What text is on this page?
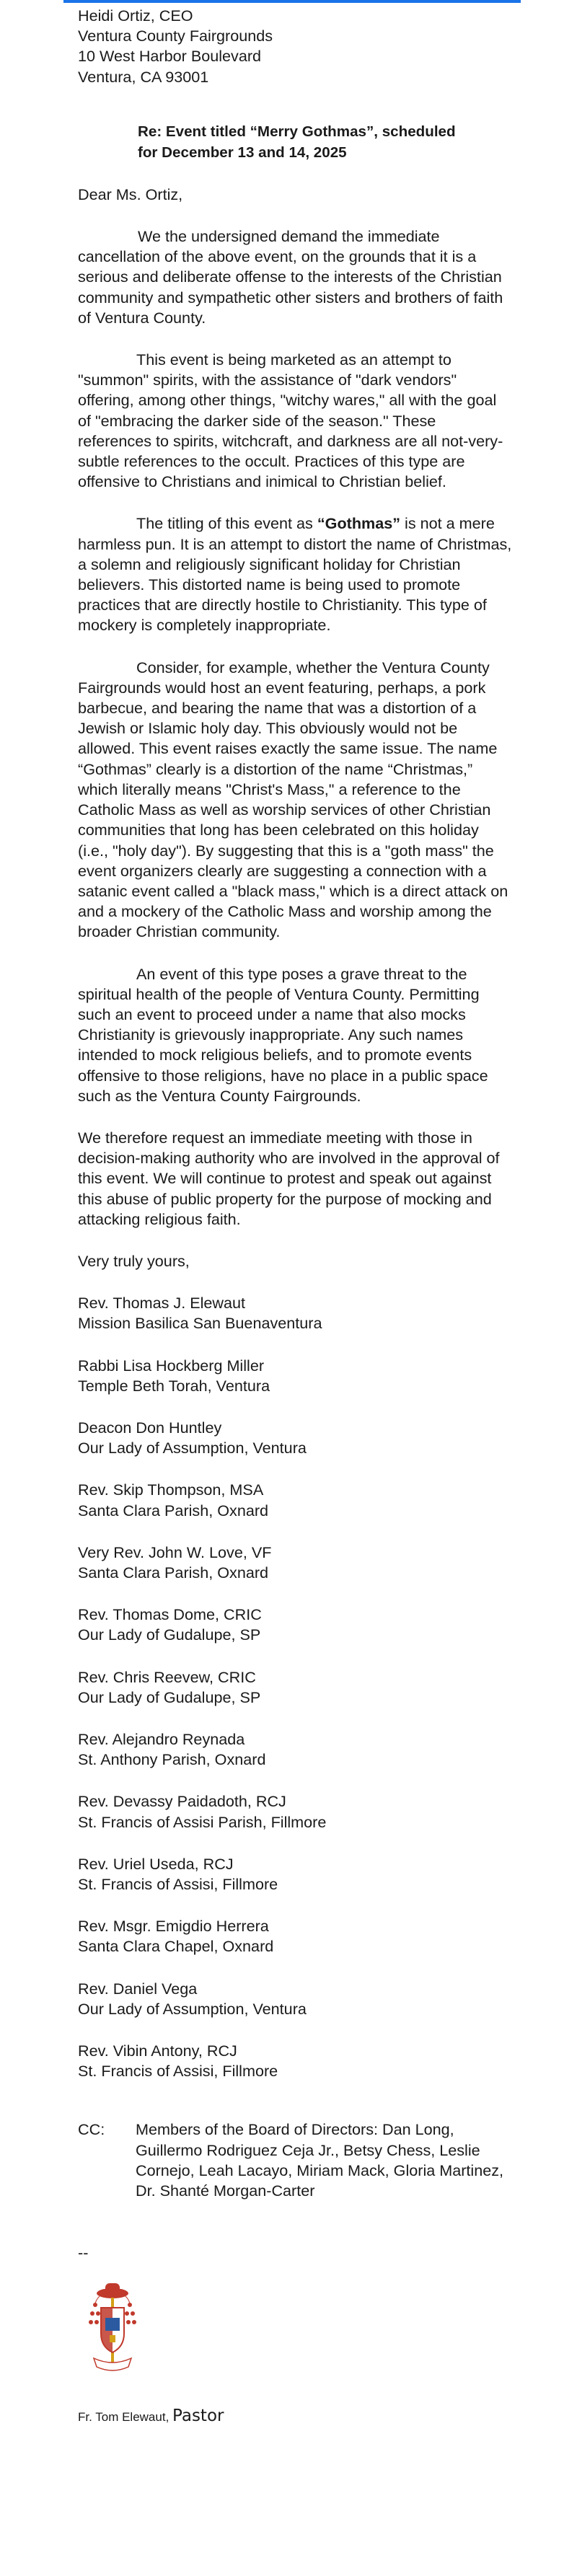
Heidi Ortiz, CEO
Ventura County Fairgrounds
10 West Harbor Boulevard
Ventura, CA 93001
Re: Event titled “Merry Gothmas”, scheduled
for December 13 and 14, 2025
Dear Ms. Ortiz,

We the undersigned demand the immediate cancellation of the above event, on the grounds that it is a serious and deliberate offense to the interests of the Christian community and sympathetic other sisters and brothers of faith of Ventura County.

This event is being marketed as an attempt to "summon" spirits, with the assistance of "dark vendors" offering, among other things, "witchy wares," all with the goal of "embracing the darker side of the season." These references to spirits, witchcraft, and darkness are all not-very-subtle references to the occult. Practices of this type are offensive to Christians and inimical to Christian belief.

The titling of this event as “Gothmas” is not a mere harmless pun. It is an attempt to distort the name of Christmas, a solemn and religiously significant holiday for Christian believers. This distorted name is being used to promote practices that are directly hostile to Christianity. This type of mockery is completely inappropriate.

Consider, for example, whether the Ventura County Fairgrounds would host an event featuring, perhaps, a pork barbecue, and bearing the name that was a distortion of a Jewish or Islamic holy day. This obviously would not be allowed. This event raises exactly the same issue. The name “Gothmas” clearly is a distortion of the name “Christmas,” which literally means "Christ's Mass," a reference to the Catholic Mass as well as worship services of other Christian communities that long has been celebrated on this holiday (i.e., "holy day"). By suggesting that this is a "goth mass" the event organizers clearly are suggesting a connection with a satanic event called a "black mass," which is a direct attack on and a mockery of the Catholic Mass and worship among the broader Christian community.

An event of this type poses a grave threat to the spiritual health of the people of Ventura County. Permitting such an event to proceed under a name that also mocks Christianity is grievously inappropriate. Any such names intended to mock religious beliefs, and to promote events offensive to those religions, have no place in a public space such as the Ventura County Fairgrounds.

We therefore request an immediate meeting with those in decision-making authority who are involved in the approval of this event. We will continue to protest and speak out against this abuse of public property for the purpose of mocking and attacking religious faith.

Very truly yours,
Rev. Thomas J. Elewaut
Mission Basilica San Buenaventura
Rabbi Lisa Hockberg Miller
Temple Beth Torah, Ventura
Deacon Don Huntley
Our Lady of Assumption, Ventura
Rev. Skip Thompson, MSA
Santa Clara Parish, Oxnard
Very Rev. John W. Love, VF
Santa Clara Parish, Oxnard
Rev. Thomas Dome, CRIC
Our Lady of Gudalupe, SP
Rev. Chris Reevew, CRIC
Our Lady of Gudalupe, SP
Rev. Alejandro Reynada
St. Anthony Parish, Oxnard
Rev. Devassy Paidadoth, RCJ
St. Francis of Assisi Parish, Fillmore
Rev. Uriel Useda, RCJ
St. Francis of Assisi, Fillmore
Rev. Msgr. Emigdio Herrera
Santa Clara Chapel, Oxnard
Rev. Daniel Vega
Our Lady of Assumption, Ventura
Rev. Vibin Antony, RCJ
St. Francis of Assisi, Fillmore
CC:	Members of the Board of Directors: Dan Long, Guillermo Rodriguez Ceja Jr., Betsy Chess, Leslie Cornejo, Leah Lacayo, Miriam Mack, Gloria Martinez, Dr. Shanté Morgan-Carter
--
Fr. Tom Elewaut, Pastor
